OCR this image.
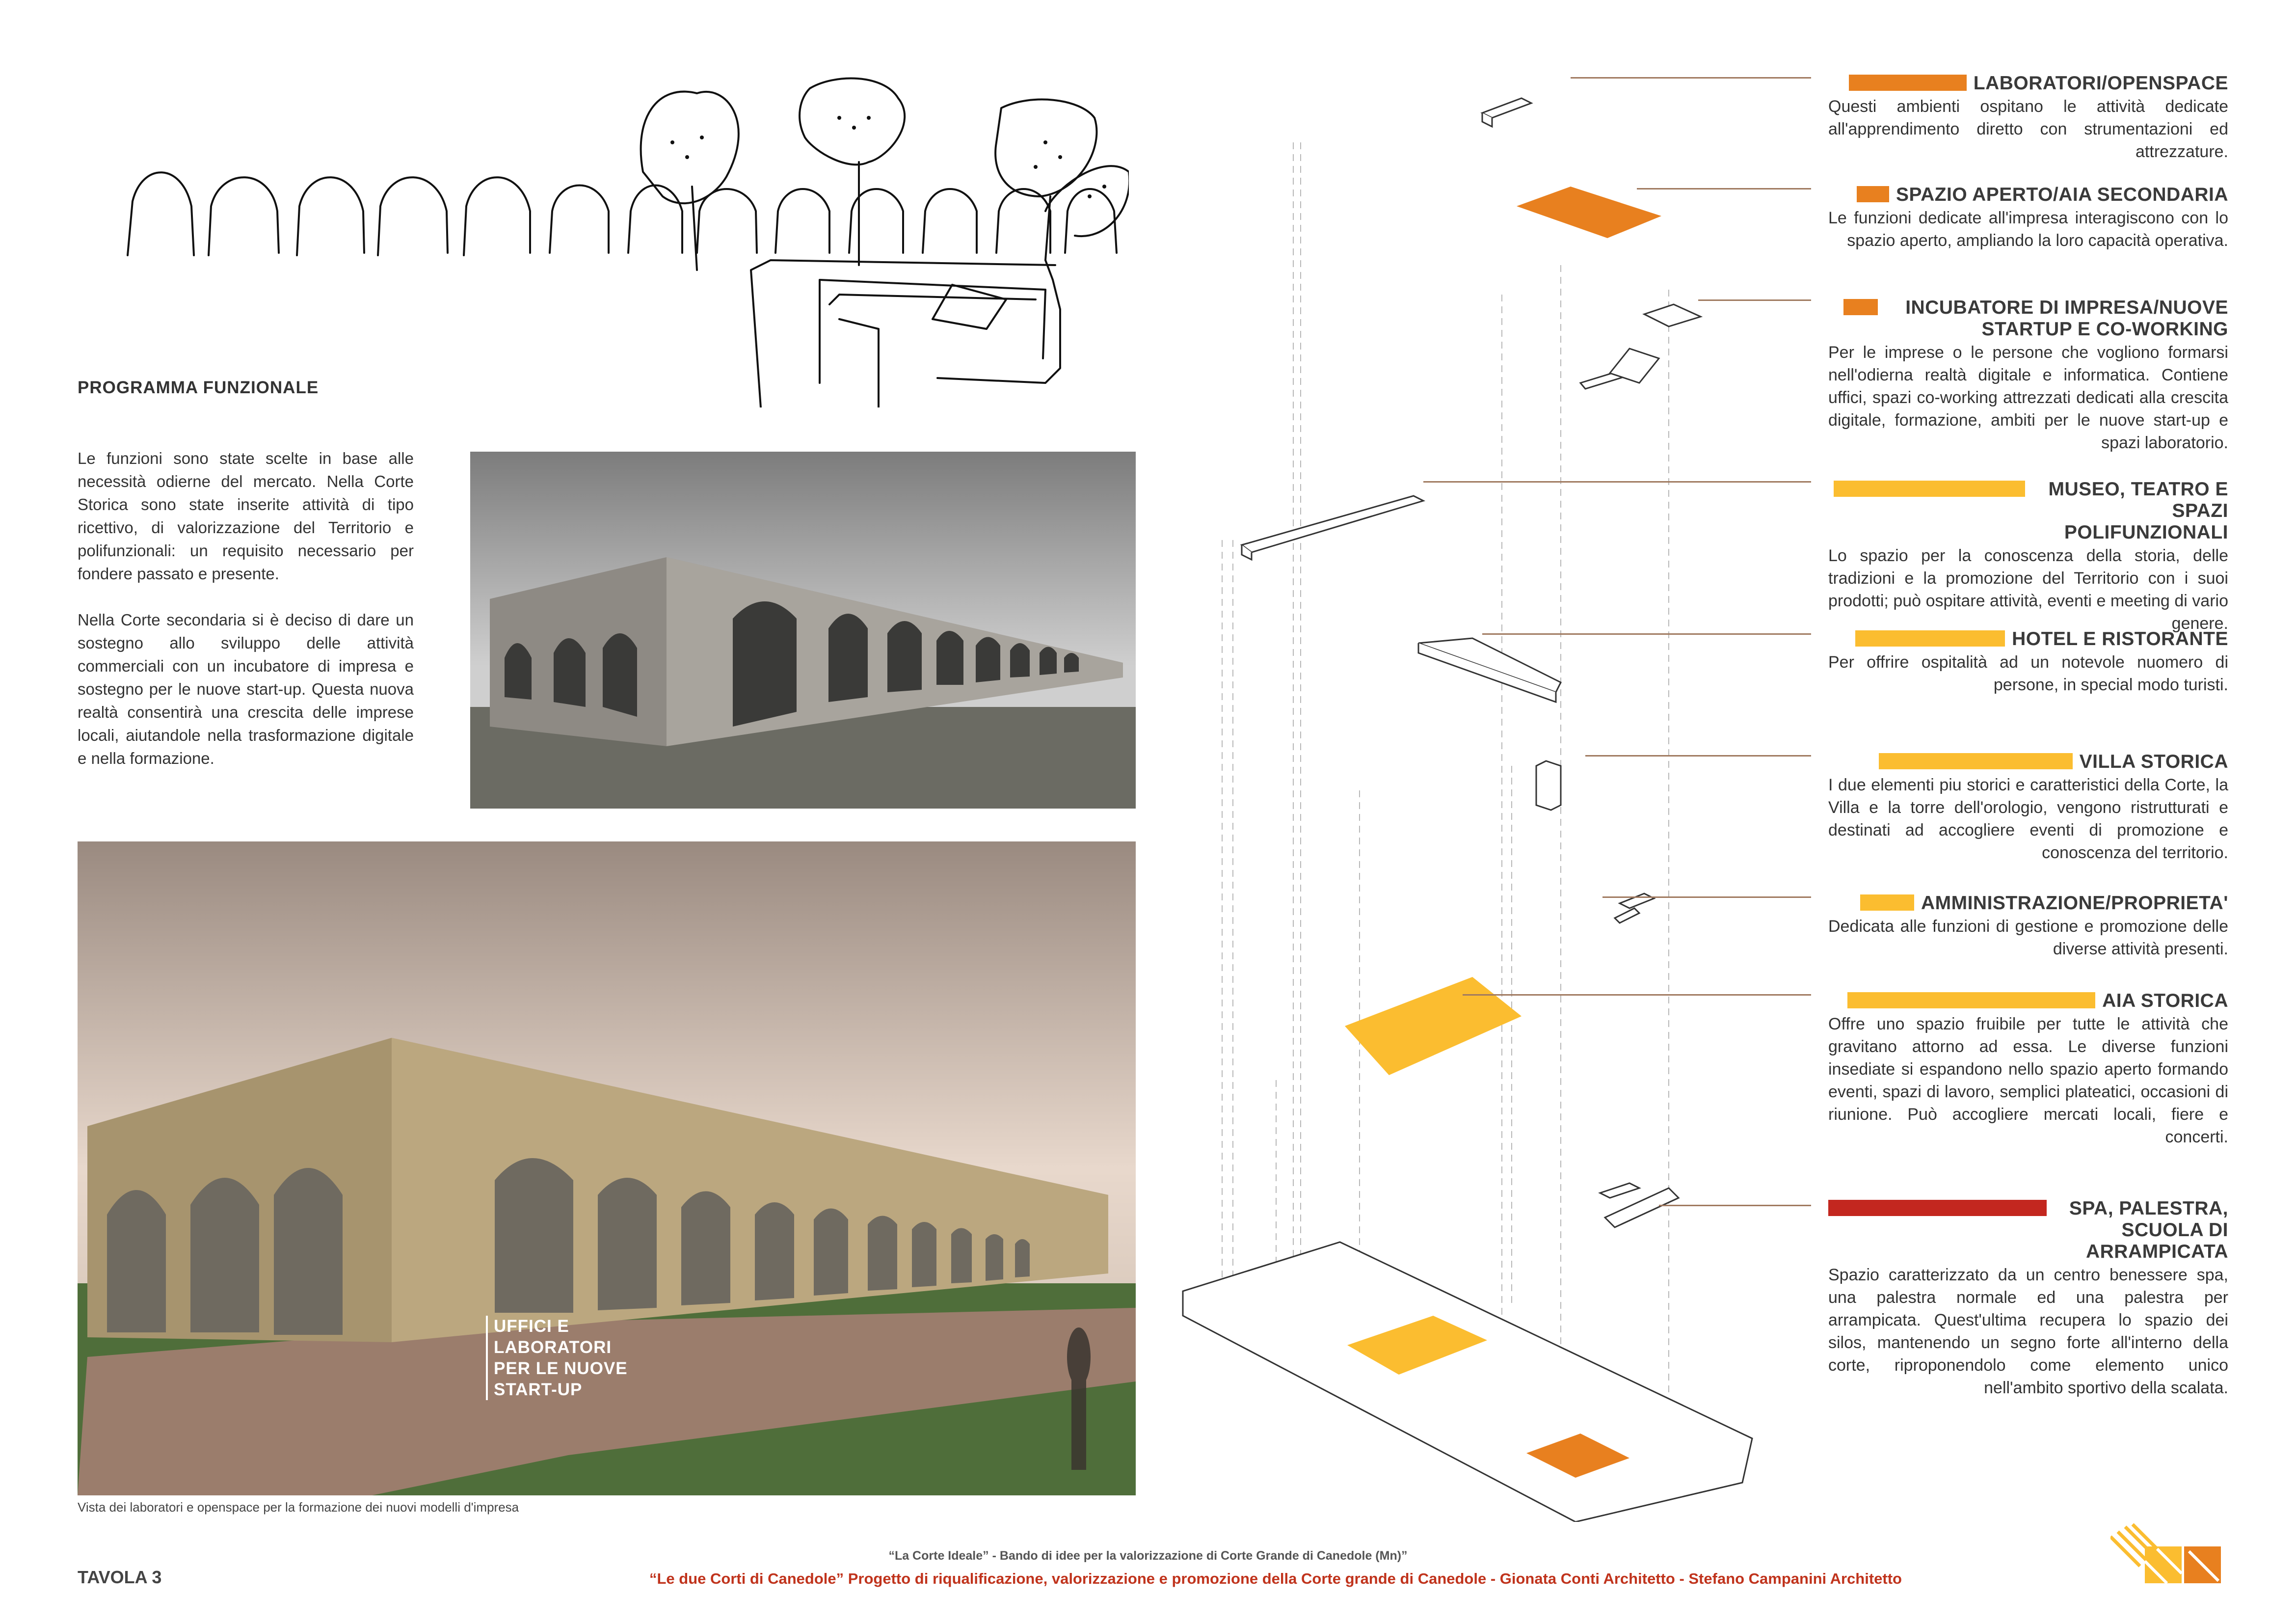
PROGRAMMA FUNZIONALE

Le funzioni sono state scelte in base alle necessità odierne del mercato. Nella Corte Storica sono state inserite attività di tipo ricettivo, di valorizzazione del Territorio e polifunzionali: un requisito necessario per fondere passato e presente.

Nella Corte secondaria si è deciso di dare un sostegno allo sviluppo delle attività commerciali con un incubatore di impresa e sostegno per le nuove start-up. Questa nuova realtà consentirà una crescita delle imprese locali, aiutandole nella trasformazione digitale e nella formazione.

UFFICI E LABORATORI PER LE NUOVE START-UP
Vista dei laboratori e openspace per la formazione dei nuovi modelli d'impresa
LABORATORI/OPENSPACE
Questi ambienti ospitano le attività dedicate all'apprendimento diretto con strumentazioni ed attrezzature.
SPAZIO APERTO/AIA SECONDARIA
Le funzioni dedicate all'impresa interagiscono con lo spazio aperto, ampliando la loro capacità operativa.
INCUBATORE DI IMPRESA/NUOVE STARTUP E CO-WORKING
Per le imprese o le persone che vogliono formarsi nell'odierna realtà digitale e informatica. Contiene uffici, spazi co-working attrezzati dedicati alla crescita digitale, formazione, ambiti per le nuove start-up e spazi laboratorio.
MUSEO, TEATRO E SPAZI POLIFUNZIONALI
Lo spazio per la conoscenza della storia, delle tradizioni e la promozione del Territorio con i suoi prodotti; può ospitare attività, eventi e meeting di vario genere.
HOTEL E RISTORANTE
Per offrire ospitalità ad un notevole nuomero di persone, in special modo turisti.
VILLA STORICA
I due elementi piu storici e caratteristici della Corte, la Villa e la torre dell'orologio, vengono ristrutturati e destinati ad accogliere eventi di promozione e conoscenza del territorio.
AMMINISTRAZIONE/PROPRIETA'
Dedicata alle funzioni di gestione e promozione delle diverse attività presenti.
AIA STORICA
Offre uno spazio fruibile per tutte le attività che gravitano attorno ad essa. Le diverse funzioni insediate si espandono nello spazio aperto formando eventi, spazi di lavoro, semplici plateatici, occasioni di riunione. Può accogliere mercati locali, fiere e concerti.
SPA, PALESTRA, SCUOLA DI ARRAMPICATA
Spazio caratterizzato da un centro benessere spa, una palestra normale ed una palestra per arrampicata. Quest'ultima recupera lo spazio dei silos, mantenendo un segno forte all'interno della corte, riproponendolo come elemento unico nell'ambito sportivo della scalata.
TAVOLA 3
“La Corte Ideale” - Bando di idee per la valorizzazione di Corte Grande di Canedole (Mn)”
“Le due Corti di Canedole” Progetto di riqualificazione, valorizzazione e promozione della Corte grande di Canedole - Gionata Conti Architetto - Stefano Campanini Architetto
